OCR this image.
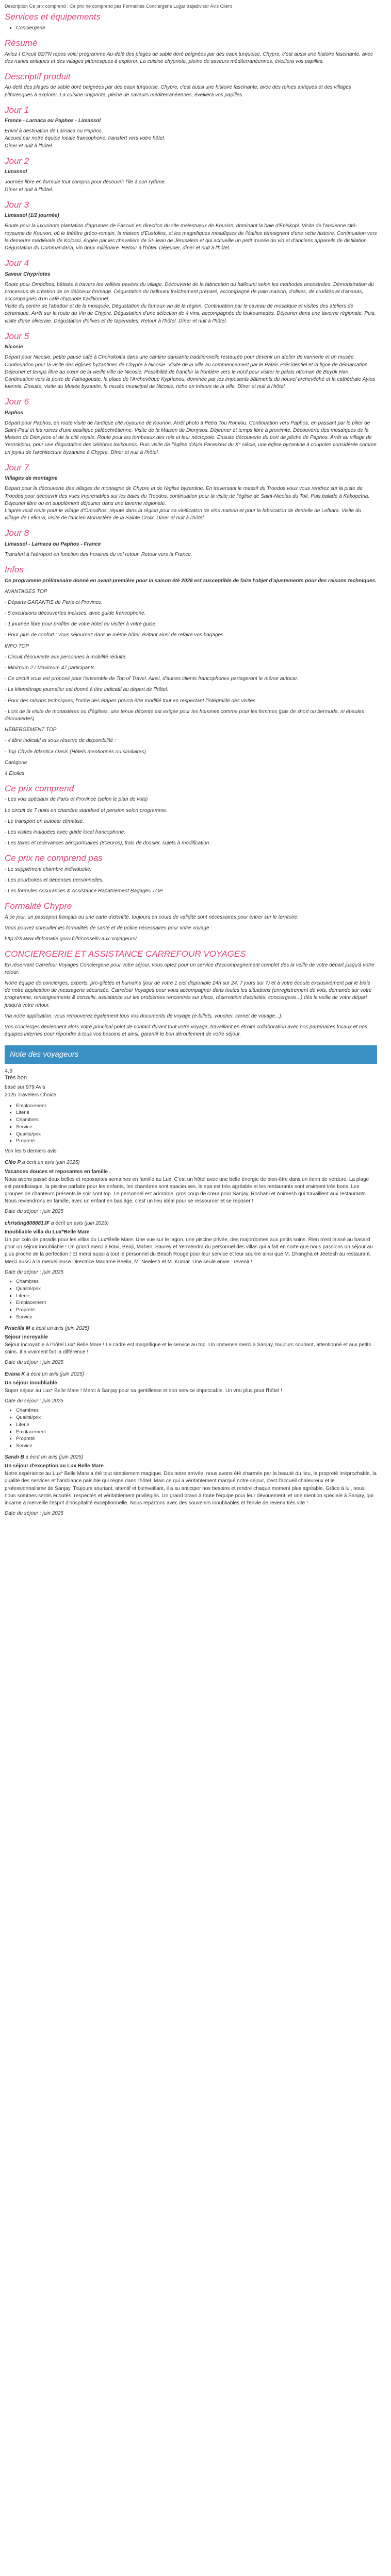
Description Ce prix comprend : Ce prix ne comprend pas Formalités Conciergerie Lugar trajadivisor Avis Client
Services et équipements
▪ Conciergerie
Résumé

Aviez-t Circuit 02/7N repos voici programme Au-delà des plages de sable doré baignées par des eaux turquoise, Chypre, c'est aussi une histoire fascinante, avec des ruines antiques et des villages pittoresques à explorer. La cuisine chypriote, pleine de saveurs méditerranéennes, éveillera vos papilles.

Descriptif produit

Au-delà des plages de sable doré baignées par des eaux turquoise, Chypre, c'est aussi une histoire fascinante, avec des ruines antiques et des villages pittoresques à explorer. La cuisine chypriote, pleine de saveurs méditerranéennes, éveillera vos papilles.

Jour 1

France - Larnaca ou Paphos - Limassol

Envol à destination de Larnaca ou Paphos.
Accueil par notre équipe locale francophone, transfert vers votre hôtel.
Dîner et nuit à l'hôtel.

Jour 2

Limassol

Journée libre en formule tout compris pour découvrir l'île à son rythme.
Dîner et nuit à l'hôtel.

Jour 3

Limassol (1/2 journée)

Route pour la luxuriante plantation d'agrumes de Fasouri en direction du site majestueux de Kourion, dominant la baie d'Episkopi. Visite de l'ancienne cité-royaume de Kourion, où le théâtre gréco-romain, la maison d'Eustolios, et les magnifiques mosaïques de l'édifice témoignent d'une riche histoire. Continuation vers la demeure médiévale de Kolossi, érigée par les chevaliers de St-Jean de Jérusalem et qui accueille un petit musée du vin et d'anciens appareils de distillation. Dégustation du Commandaria, vin doux millénaire. Retour à l'hôtel. Déjeuner, dîner et nuit à l'hôtel.

Jour 4

Saveur Chypriotes

Route pour Omodhos, bâtisée à travers les vallées pavées du village. Découverte de la fabrication du halloumi selon les méthodes ancestrales. Démonstration du processus de création de ce délicieux fromage. Dégustation du halloumi fraîchement préparé, accompagné de pain maison, d'olives, de crudités et d'ananas, accompagnés d'un café chypriote traditionnel.
Visite du centre de l'abattoir et de la mosquée. Dégustation du fameux vin de la région. Continuation par le caveau de mosaïque et visites des ateliers de céramique. Arrêt sur la route du Vin de Chypre. Dégustation d'une sélection de 4 vins, accompagnée de loukoumadès. Déjeuner dans une taverne régionale. Puis, visite d'une oliveraie. Dégustation d'olives et de tapenades. Retour à l'hôtel. Dîner et nuit à l'hôtel.

Jour 5

Nicosie

Départ pour Nicosie, petite pause café à Choirokoitia dans une cantine dansante traditionnelle restaurée pour devenir un atelier de vannerie et un musée. Continuation pour la visite des églises byzantines de Chypre à Nicosie. Visite de la ville au commencement par le Palais Présidentiel et la ligne de démarcation. Déjeuner et temps libre au cœur de la vieille ville de Nicosie. Possibilité de franchir la frontière vers le nord pour visiter le palais ottoman de Büyük Han. Continuation vers la porte de Famagouste, la place de l'Archevêque Kyprianou, dominée par les imposants bâtiments du nouvel archevêché et la cathédrale Ayios Ioannis. Ensuite, visite du Musée byzantin, le musée municipal de Nicosie, riche en trésors de la ville. Dîner et nuit à l'hôtel.

Jour 6

Paphos

Départ pour Paphos, en route visite de l'antique cité royaume de Kourion. Arrêt photo à Petra Tou Romiou. Continuation vers Paphos, en passant par le pilier de Saint-Paul et les ruines d'une basilique paléochrétienne. Visite de la Maison de Dionysos. Déjeuner et temps libre à proximité. Découverte des mosaïques de la Maison de Dionysos et de la cité royale. Route pour les tombeaux des rois et leur nécropole. Ensuite découverte du port de pêche de Paphos. Arrêt au village de Yeroskipou, pour une dégustation des célèbres loukoumis. Puis visite de l'église d'Ayia Paraskevi du Xᵉ siècle, une église byzantine à coupoles considérée comme un joyau de l'architecture byzantine à Chypre. Dîner et nuit à l'hôtel.

Jour 7

Villages de montagne

Départ pour la découverte des villages de montagne de Chypre et de l'église byzantine. En traversant le massif du Troodos vous vous rendrez sur la piste de Troodos pour découvrir des vues imprenables sur les baies du Troodos, continuation pour la visite de l'église de Saint-Nicolas du Toit. Puis balade à Kakopetria. Déjeuner libre ou en supplément déjeuner dans une taverne régionale.
L'après-midi route pour le village d'Omodhos, réputé dans la région pour sa vinification de vins maison et pour la fabrication de dentelle de Lefkara. Visite du village de Lefkara, visite de l'ancien Monastère de la Sainte Croix. Dîner et nuit à l'hôtel.

Jour 8

Limassol - Larnaca ou Paphos - France

Transfert à l'aéroport en fonction des horaires du vol retour. Retour vers la France.

Infos

Ce programme préliminaire donné en avant-première pour la saison été 2026 est susceptible de faire l'objet d'ajustements pour des raisons techniques.

AVANTAGES TOP

- Départs GARANTIS de Paris et Province.

- 5 excursions découvertes incluses, avec guide francophone.

- 1 journée libre pour profiter de votre hôtel ou visiter à votre guise.

- Pour plus de confort : vous séjournez dans le même hôtel, évitant ainsi de refaire vos bagages.

INFO TOP

- Circuit découverte aux personnes à mobilité réduite.

- Minimum 2 / Maximum 47 participants.

- Ce circuit vous est proposé pour l'ensemble de Top of Travel. Ainsi, d'autres clients francophones partageront le même autocar.

- La kilométrage journalier est donné à titre indicatif au départ de l'hôtel.

- Pour des raisons techniques, l'ordre des étapes pourra être modifié tout en respectant l'intégralité des visites.

- Lors de la visite de monastères ou d'églises, une tenue décente est exigée pour les hommes comme pour les femmes (pas de short ou bermuda, ni épaules découvertes).

HÉBERGEMENT TOP

- 4 libre indicatif et sous réserve de disponibilité :

- Top Chyde Atlantica Oasis (Hôtels mentionnés ou similaires).

Catégorie

4 Etoiles

Ce prix comprend

- Les vols spéciaux de Paris et Province (selon le plan de vols)

Le circuit de 7 nuits en chambre standard et pension selon programme.

- Le transport en autocar climatisé.

- Les visites indiquées avec guide local francophone.

- Les taxes et redevances aéroportuaires (80euros), frais de dossier, sujets à modification.

Ce prix ne comprend pas

- Le supplément chambre individuelle.

- Les pourboires et dépenses personnelles.

- Les formules Assurances & Assistance Rapatriement Bagages TOP.

Formalité Chypre

À ce jour, un passeport français ou une carte d'identité, toujours en cours de validité sont nécessaires pour entrer sur le territoire.

Vous pouvez consulter les formalités de santé et de police nécessaires pour votre voyage :

http:///Xwww.diplomatie.gouv.fr/fr/conseils-aux-voyageurs/

CONCIERGERIE ET ASSISTANCE CARREFOUR VOYAGES

En réservant Carrefour Voyages Conciergerie pour votre séjour, vous optez pour un service d'accompagnement complet dès la veille de votre départ jusqu'à votre retour.

Notre équipe de concierges, experts, pro-giletés et humains (jour de votre 1 ciel disponible 24h sur 24, 7 jours sur 7) et à votre écoute exclusivement par le biais de notre application de messagerie sécurisée, Carrefour Voyages pour vous accompagner dans toutes les situations (enregistrement de vols, demande sur votre programme, renseignements & conseils, assistance sur les problèmes rencontrés sur place, réservation d'activités, conciergerie...) dès la veille de votre départ jusqu'à votre retour.

Via notre application, vous retrouverez également tous vos documents de voyage (e-billets, voucher, carnet de voyage...).

Vos concierges deviennent alors votre principal point de contact durant tout votre voyage, travaillant en étroite collaboration avec nos partenaires locaux et nos équipes internes pour répondre à tous vos besoins et ainsi, garantir le bon déroulement de votre séjour.

Note des voyageurs
4.9
Très bon

basé sur 979 Avis

2025 Travelers Choice

▪ Emplacement
▪ Literie
▪ Chambres
▪ Service
▪ Qualité/prix
▪ Propreté
Voir les 5 derniers avis
Cléo P a écrit un avis (juin 2025)
Vacances douces et reposantes en famille .

Nous avons passé deux belles et reposantes semaines en famille au Lux. C'est un hôtel avec une belle énergie de bien-être dans un écrin de verdure. La plage est paradisiaque, la piscine parfaite pour les enfants, les chambres sont spacieuses, le spa est très agréable et les restaurants sont vraiment très bons. Les groupes de chanteurs présents le soir sont top. Le personnel est adorable, gros coup de cœur pour Sanjay, Roshani et Animesh qui travaillent aux restaurants. Nous reviendrons en famille, avec un enfant en bas âge, c'est un lieu idéal pour se ressourcer et se reposer !

Date du séjour : juin 2025
christing808881JF a écrit un avis (juin 2025)
Inoubliable villa du Lux*Belle Mare

Un pur coin de paradis pour les villas du Lux*Belle Mare. Une vue sur le lagon, une piscine privée, des majordomes aux petits soins. Rien n'est laissé au hasard pour un séjour inoubliable ! Un grand merci à Ravi, Benji, Mahen, Saurey et Yermendra du personnel des villas qui a fait en sorte que nous passions un séjour au plus proche de la perfection ! Et merci aussi à tout le personnel du Beach Rouge pour leur service et leur sourire ainsi que M. Dhangha et Jeetesh au restaurant. Merci aussi à la merveilleuse Directrice Madame Beelia, M. Neelesh et M. Kumar. Une seule envie : revenir !

Date du séjour : juin 2025
▪ Chambres
▪ Qualité/prix
▪ Literie
▪ Emplacement
▪ Propreté
▪ Service
Priscilla M a écrit un avis (juin 2025)
Séjour incroyable

Séjour incroyable à l'hôtel Lux* Belle Mare ! Le cadre est magnifique et le service au top. Un immense merci à Sanjay, toujours souriant, attentionné et aux petits soins. Il a vraiment fait la différence !

Date du séjour : juin 2025
Evana K a écrit un avis (juin 2025)
Un séjour inoubliable

Super séjour au Lux* Belle Mare ! Merci à Sanjay pour sa gentillesse et son service impeccable. Un vrai plus pour l'hôtel !

Date du séjour : juin 2025
▪ Chambres
▪ Qualité/prix
▪ Literie
▪ Emplacement
▪ Propreté
▪ Service
Sarah B a écrit un avis (juin 2025)
Un séjour d'exception au Lux Belle Mare

Notre expérience au Lux* Belle Mare a été tout simplement magique. Dès notre arrivée, nous avons été charmés par la beauté du lieu, la propreté irréprochable, la qualité des services et l'ambiance paisible qui règne dans l'hôtel. Mais ce qui a véritablement marqué notre séjour, c'est l'accueil chaleureux et le professionnalisme de Sanjay. Toujours souriant, attentif et bienveillant, il a su anticiper nos besoins et rendre chaque moment plus agréable. Grâce à lui, nous nous sommes sentis écoutés, respectés et véritablement privilégiés. Un grand bravo à toute l'équipe pour leur dévouement, et une mention spéciale à Sanjay, qui incarne à merveille l'esprit d'hospitalité exceptionnelle. Nous repartons avec des souvenirs inoubliables et l'envie de revenir très vite !

Date du séjour : juin 2025
